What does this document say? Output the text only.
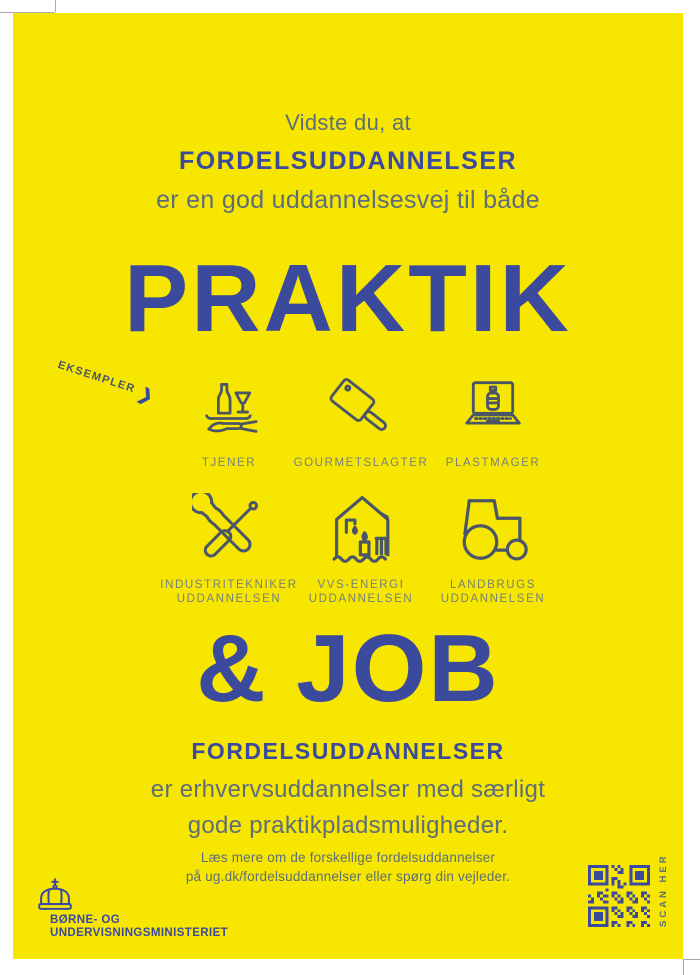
Vidste du, at
FORDELSUDDANNELSER
er en god uddannelsesvej til både
PRAKTIK
EKSEMPLER❯
TJENER	GOURMETSLAGTER PLASTMAGER
INDUSTRITEKNIKER
UDDANNELSEN
VVS-ENERGI
UDDANNELSEN
LANDBRUGS
UDDANNELSEN
& JOB
FORDELSUDDANNELSER
er erhvervsuddannelser med særligt
gode praktikpladsmuligheder.
Læs mere om de forskellige fordelsuddannelser
på ug.dk/fordelsuddannelser eller spørg din vejleder.
BØRNE- OG
UNDERVISNINGSMINISTERIET
SCAN HER
